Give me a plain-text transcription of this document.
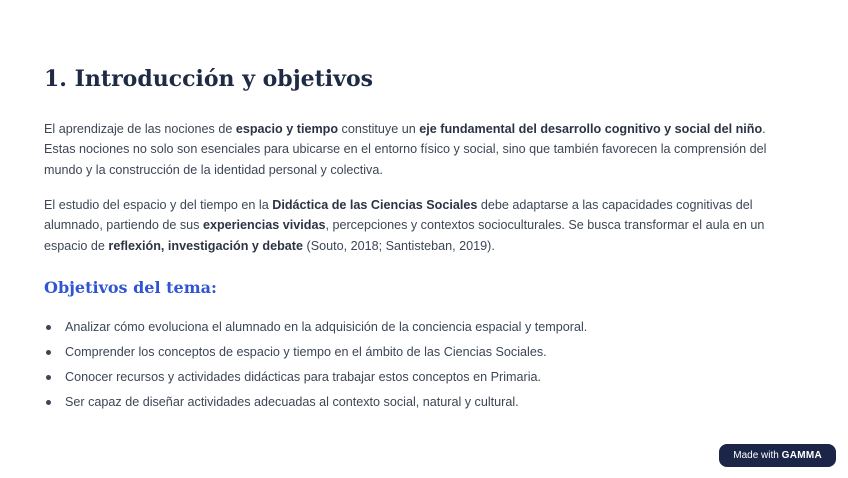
1. Introducción y objetivos

El aprendizaje de las nociones de espacio y tiempo constituye un eje fundamental del desarrollo cognitivo y social del niño. Estas nociones no solo son esenciales para ubicarse en el entorno físico y social, sino que también favorecen la comprensión del mundo y la construcción de la identidad personal y colectiva.

El estudio del espacio y del tiempo en la Didáctica de las Ciencias Sociales debe adaptarse a las capacidades cognitivas del alumnado, partiendo de sus experiencias vividas, percepciones y contextos socioculturales. Se busca transformar el aula en un espacio de reflexión, investigación y debate (Souto, 2018; Santisteban, 2019).

Objetivos del tema:
Analizar cómo evoluciona el alumnado en la adquisición de la conciencia espacial y temporal.
Comprender los conceptos de espacio y tiempo en el ámbito de las Ciencias Sociales.
Conocer recursos y actividades didácticas para trabajar estos conceptos en Primaria.
Ser capaz de diseñar actividades adecuadas al contexto social, natural y cultural.
Made with GAMMA
